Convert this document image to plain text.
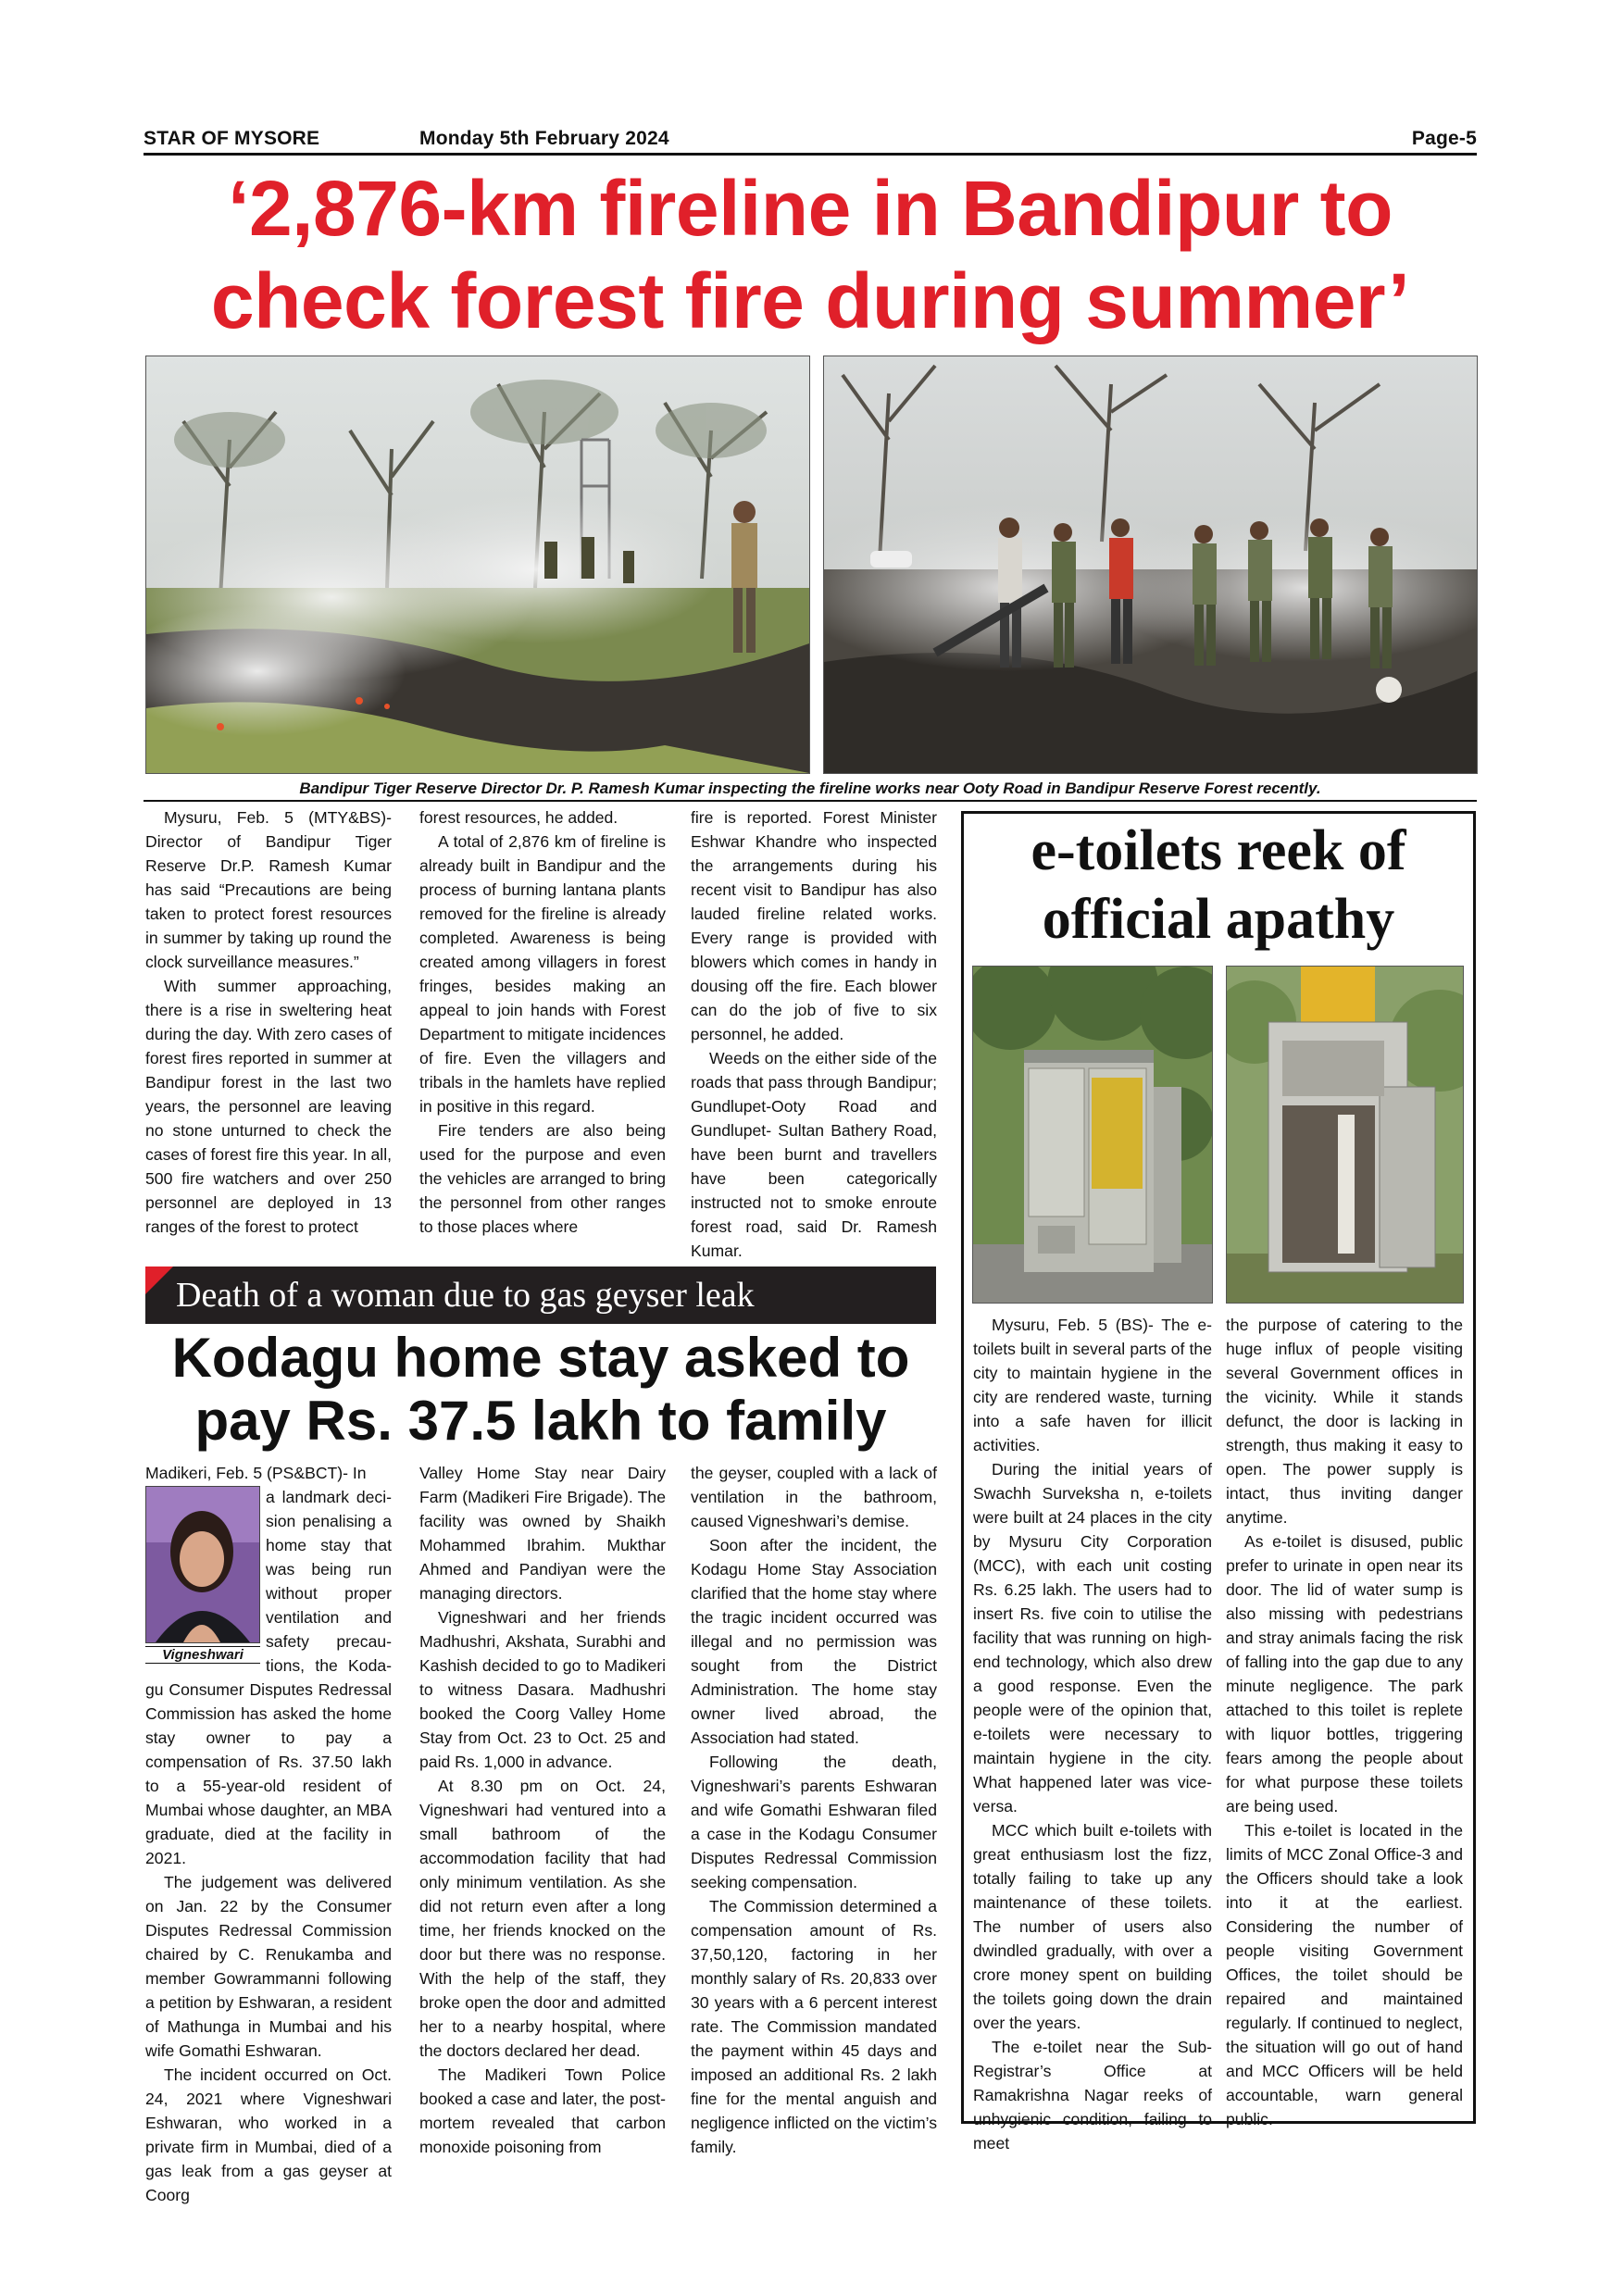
STAR OF MYSORE	Monday 5th February 2024	Page-5
‘2,876-km fireline in Bandipur to
check forest fire during summer’
Bandipur Tiger Reserve Director Dr. P. Ramesh Kumar inspecting the fireline works near Ooty Road in Bandipur Reserve Forest recently.

Mysuru, Feb. 5 (MTY&BS)- Director of Bandipur Tiger Reserve Dr.P. Ramesh Kumar has said “Precautions are being taken to protect forest resources in summer by taking up round the clock surveillance measures.”

With summer approaching, there is a rise in sweltering heat during the day. With zero cases of forest fires reported in summer at Bandipur forest in the last two years, the personnel are leaving no stone unturned to check the cases of forest fire this year. In all, 500 fire watchers and over 250 personnel are deployed in 13 ranges of the forest to protect

forest resources, he added.

A total of 2,876 km of fireline is already built in Bandipur and the process of burning lantana plants removed for the fireline is already completed. Awareness is being created among villagers in forest fringes, besides making an appeal to join hands with Forest Department to mitigate incidences of fire. Even the villagers and tribals in the hamlets have replied in positive in this regard.

Fire tenders are also being used for the purpose and even the vehicles are arranged to bring the personnel from other ranges to those places where

fire is reported. Forest Minister Eshwar Khandre who inspected the arrangements during his recent visit to Bandipur has also lauded fireline related works. Every range is provided with blowers which comes in handy in dousing off the fire. Each blower can do the job of five to six personnel, he added.

Weeds on the either side of the roads that pass through Bandipur; Gundlupet-Ooty Road and Gundlupet- Sultan Bathery Road, have been burnt and travellers have been categorically instructed not to smoke enroute forest road, said Dr. Ramesh Kumar.

e-toilets reek of
official apathy

Mysuru, Feb. 5 (BS)- The e-toilets built in several parts of the city to maintain hygiene in the city are rendered waste, turning into a safe haven for illicit activities.

During the initial years of Swachh Surveksha n, e-toilets were built at 24 places in the city by Mysuru City Corporation (MCC), with each unit costing Rs. 6.25 lakh. The users had to insert Rs. five coin to utilise the facility that was running on high-end technology, which also drew a good response. Even the people were of the opinion that, e-toilets were necessary to maintain hygiene in the city. What happened later was vice-versa.

MCC which built e-toilets with great enthusiasm lost the fizz, totally failing to take up any maintenance of these toilets. The number of users also dwindled gradually, with over a crore money spent on building the toilets going down the drain over the years.

The e-toilet near the Sub-Registrar’s Office at Ramakrishna Nagar reeks of unhygienic condition, failing to meet

the purpose of catering to the huge influx of people visiting several Government offices in the vicinity. While it stands defunct, the door is lacking in strength, thus making it easy to open. The power supply is intact, thus inviting danger anytime.

As e-toilet is disused, public prefer to urinate in open near its door. The lid of water sump is also missing with pedestrians and stray animals facing the risk of falling into the gap due to any minute negligence. The park attached to this toilet is replete with liquor bottles, triggering fears among the people about for what purpose these toilets are being used.

This e-toilet is located in the limits of MCC Zonal Office-3 and the Officers should take a look into it at the earliest. Considering the number of people visiting Government Offices, the toilet should be repaired and maintained regularly. If continued to neglect, the situation will go out of hand and MCC Officers will be held accountable, warn general public.

Death of a woman due to gas geyser leak
Kodagu home stay asked to
pay Rs. 37.5 lakh to family
Vigneshwari

Madikeri, Feb. 5 (PS&BCT)- In

a landmark deci-
sion penalising a
home stay that
was being run
without proper
ventilation and
safety precau-
tions, the Koda-

gu Consumer Disputes Redressal Commission has asked the home stay owner to pay a compensation of Rs. 37.50 lakh to a 55-year-old resident of Mumbai whose daughter, an MBA graduate, died at the facility in 2021.

The judgement was delivered on Jan. 22 by the Consumer Disputes Redressal Commission chaired by C. Renukamba and member Gowrammanni following a petition by Eshwaran, a resident of Mathunga in Mumbai and his wife Gomathi Eshwaran.

The incident occurred on Oct. 24, 2021 where Vigneshwari Eshwaran, who worked in a private firm in Mumbai, died of a gas leak from a gas geyser at Coorg

Valley Home Stay near Dairy Farm (Madikeri Fire Brigade). The facility was owned by Shaikh Mohammed Ibrahim. Mukthar Ahmed and Pandiyan were the managing directors.

Vigneshwari and her friends Madhushri, Akshata, Surabhi and Kashish decided to go to Madikeri to witness Dasara. Madhushri booked the Coorg Valley Home Stay from Oct. 23 to Oct. 25 and paid Rs. 1,000 in advance.

At 8.30 pm on Oct. 24, Vigneshwari had ventured into a small bathroom of the accommodation facility that had only minimum ventilation. As she did not return even after a long time, her friends knocked on the door but there was no response. With the help of the staff, they broke open the door and admitted her to a nearby hospital, where the doctors declared her dead.

The Madikeri Town Police booked a case and later, the post-mortem revealed that carbon monoxide poisoning from

the geyser, coupled with a lack of ventilation in the bathroom, caused Vigneshwari’s demise.

Soon after the incident, the Kodagu Home Stay Association clarified that the home stay where the tragic incident occurred was illegal and no permission was sought from the District Administration. The home stay owner lived abroad, the Association had stated.

Following the death, Vigneshwari’s parents Eshwaran and wife Gomathi Eshwaran filed a case in the Kodagu Consumer Disputes Redressal Commission seeking compensation.

The Commission determined a compensation amount of Rs. 37,50,120, factoring in her monthly salary of Rs. 20,833 over 30 years with a 6 percent interest rate. The Commission mandated the payment within 45 days and imposed an additional Rs. 2 lakh fine for the mental anguish and negligence inflicted on the victim’s family.
